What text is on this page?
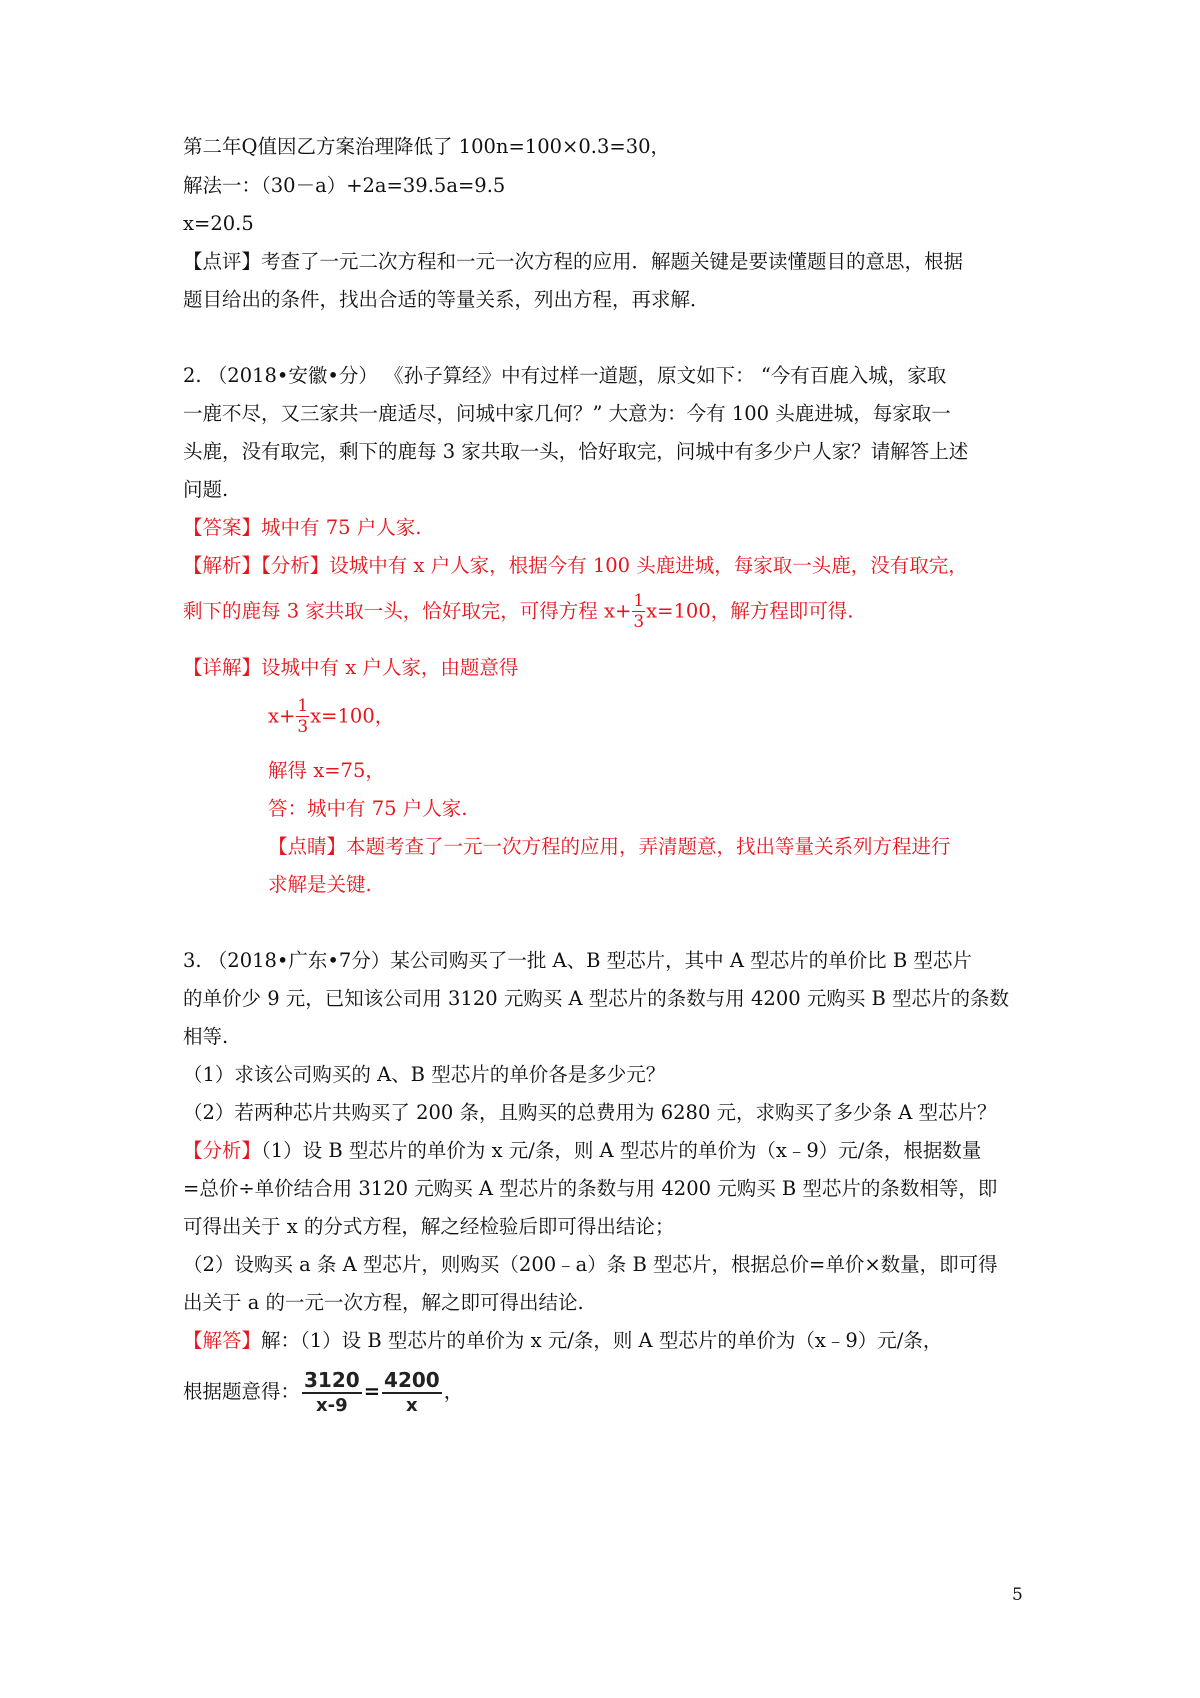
第二年Q值因乙方案治理降低了 100n=100×0.3=30，
解法一：（30－a）+2a=39.5a=9.5
x=20.5
【点评】考查了一元二次方程和一元一次方程的应用．解题关键是要读懂题目的意思，根据
题目给出的条件，找出合适的等量关系，列出方程，再求解．
2. （2018•安徽•分） 《孙子算经》中有过样一道题，原文如下： “今有百鹿入城，家取
一鹿不尽，又三家共一鹿适尽，问城中家几何？” 大意为：今有 100 头鹿进城，每家取一
头鹿，没有取完，剩下的鹿每 3 家共取一头，恰好取完，问城中有多少户人家？请解答上述
问题.
【答案】城中有 75 户人家.
【解析】【分析】设城中有 x 户人家，根据今有 100 头鹿进城，每家取一头鹿，没有取完，
剩下的鹿每 3 家共取一头，恰好取完，可得方程 $x+ \frac{1}{3} x=100$，解方程即可得.
【详解】设城中有 x 户人家，由题意得
$x+ \frac{1}{3} x=100$，
解得 x=75，
答：城中有 75 户人家.
【点睛】本题考查了一元一次方程的应用，弄清题意，找出等量关系列方程进行
求解是关键.
3. （2018•广东•7分）某公司购买了一批 A、B 型芯片，其中 A 型芯片的单价比 B 型芯片
的单价少 9 元，已知该公司用 3120 元购买 A 型芯片的条数与用 4200 元购买 B 型芯片的条数
相等.
（1）求该公司购买的 A、B 型芯片的单价各是多少元？
（2）若两种芯片共购买了 200 条，且购买的总费用为 6280 元，求购买了多少条 A 型芯片？
【分析】（1）设 B 型芯片的单价为 x 元/条，则 A 型芯片的单价为（x﹣9）元/条，根据数量
=总价÷单价结合用 3120 元购买 A 型芯片的条数与用 4200 元购买 B 型芯片的条数相等，即
可得出关于 x 的分式方程，解之经检验后即可得出结论；
（2）设购买 a 条 A 型芯片，则购买（200﹣a）条 B 型芯片，根据总价=单价×数量，即可得
出关于 a 的一元一次方程，解之即可得出结论.
【解答】解：（1）设 B 型芯片的单价为 x 元/条，则 A 型芯片的单价为（x﹣9）元/条，
根据题意得： $\frac{3120}{x-9} = \frac{4200}{x}$ ，
5
